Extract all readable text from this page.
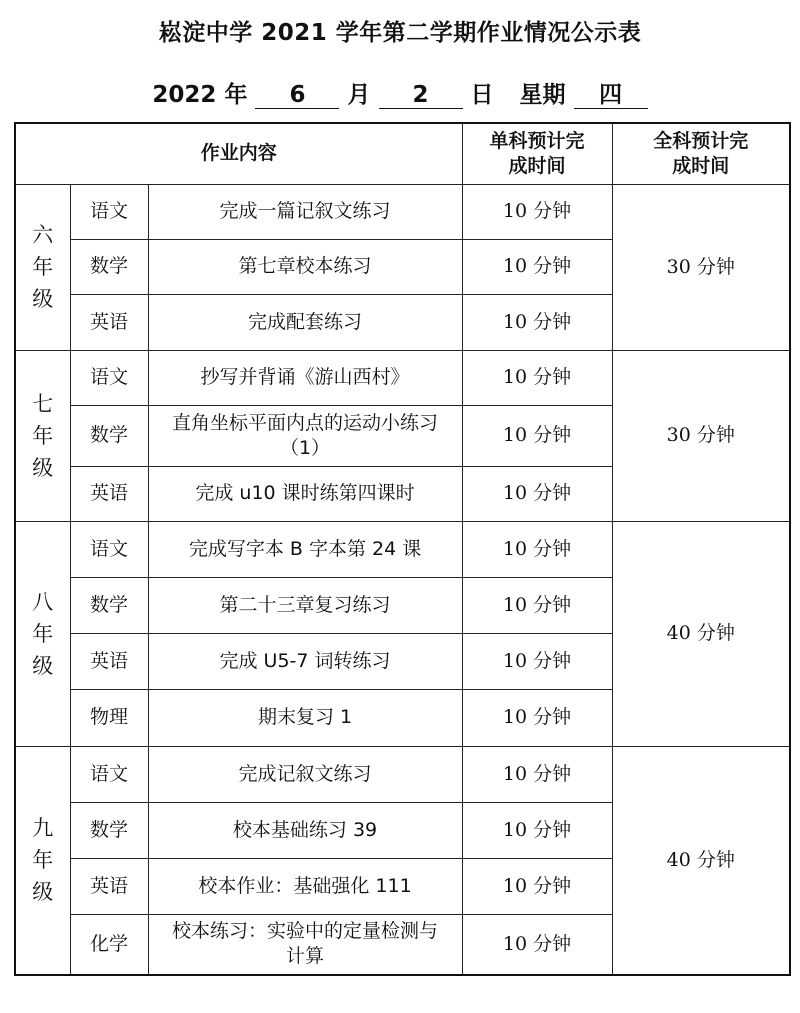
崧淀中学 2021 学年第二学期作业情况公示表
2022 年 6 月 2 日 星期 四
作业内容			单科预计完成时间	全科预计完成时间

六年级	语文	完成一篇记叙文练习	10 分钟	30 分钟
	数学	第七章校本练习	10 分钟	
	英语	完成配套练习	10 分钟	

七年级	语文	抄写并背诵《游山西村》	10 分钟	30 分钟
	数学	直角坐标平面内点的运动小练习（1）	10 分钟	
	英语	完成 u10 课时练第四课时	10 分钟	

八年级	语文	完成写字本 B 字本第 24 课	10 分钟	40 分钟
	数学	第二十三章复习练习	10 分钟	
	英语	完成 U5-7 词转练习	10 分钟	
	物理	期末复习 1	10 分钟	

九年级	语文	完成记叙文练习	10 分钟	40 分钟
	数学	校本基础练习 39	10 分钟	
	英语	校本作业：基础强化 111	10 分钟	
	化学	校本练习：实验中的定量检测与计算	10 分钟	
